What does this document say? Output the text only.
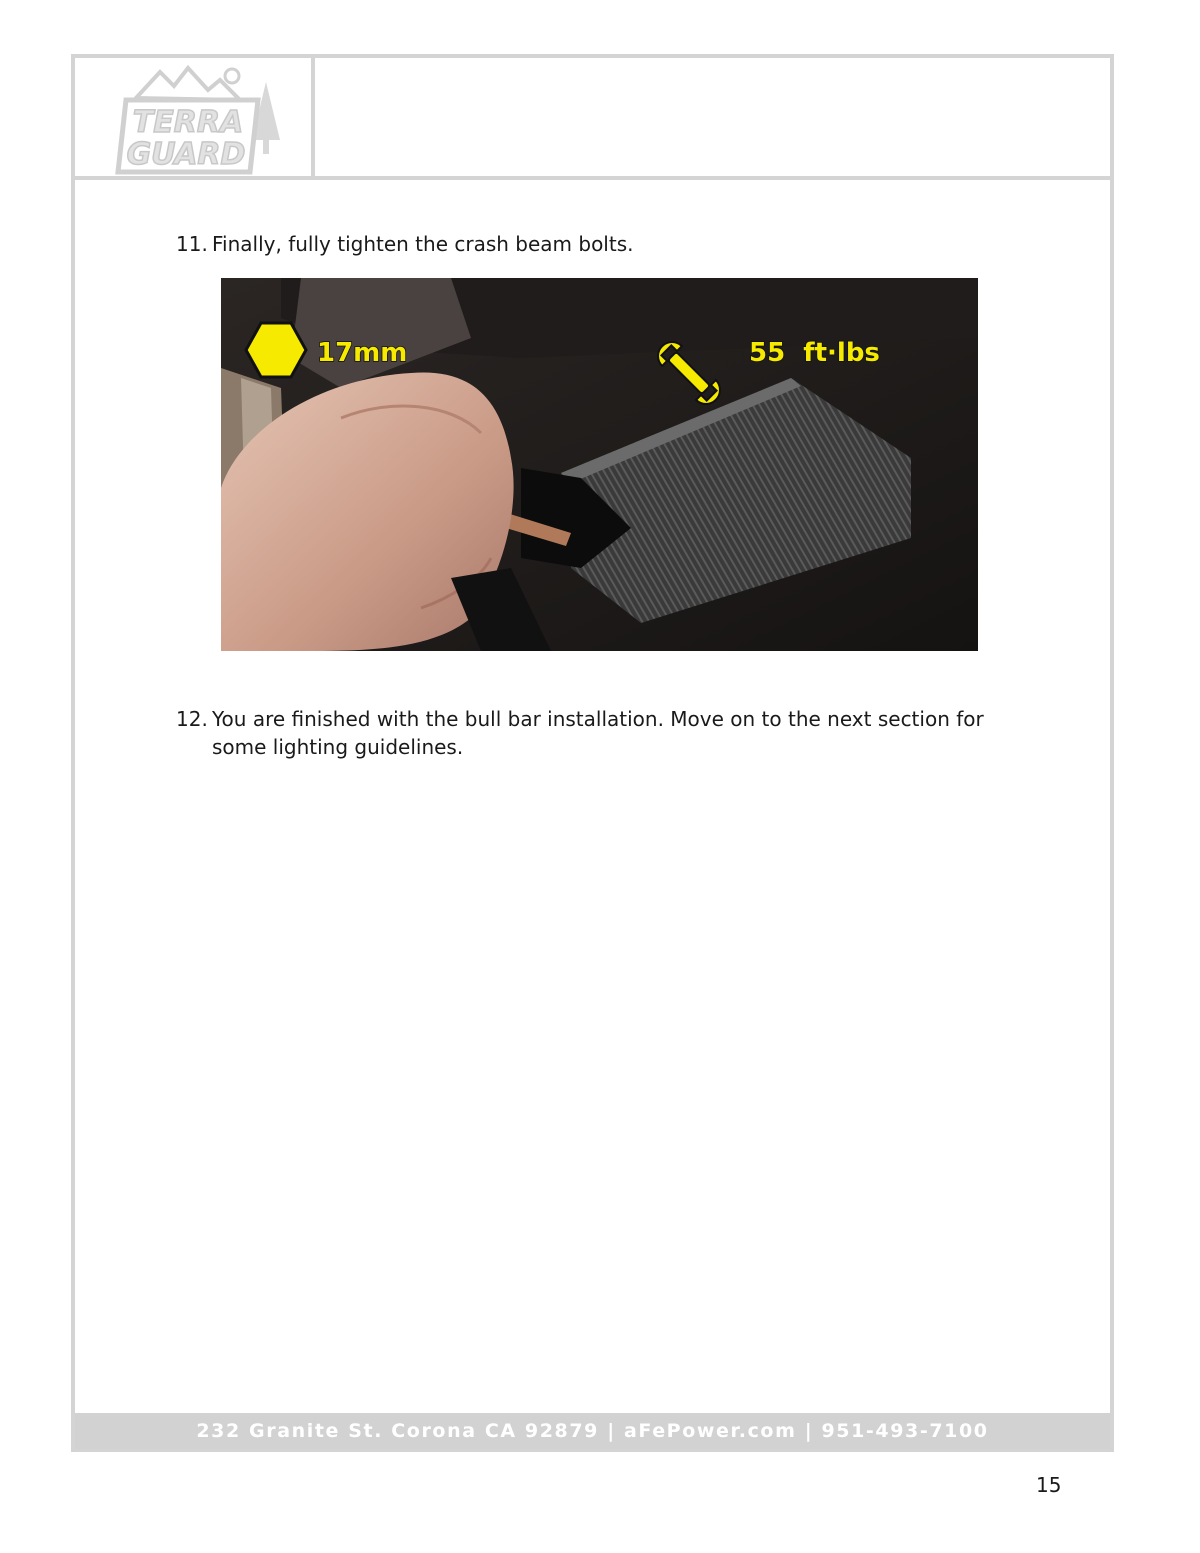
TERRA
GUARD
11. Finally, fully tighten the crash beam bolts.
17mm	55  ft·lbs
12. You are finished with the bull bar installation. Move on to the next section for
some lighting guidelines.
232 Granite St. Corona CA 92879 | aFePower.com | 951-493-7100
15
